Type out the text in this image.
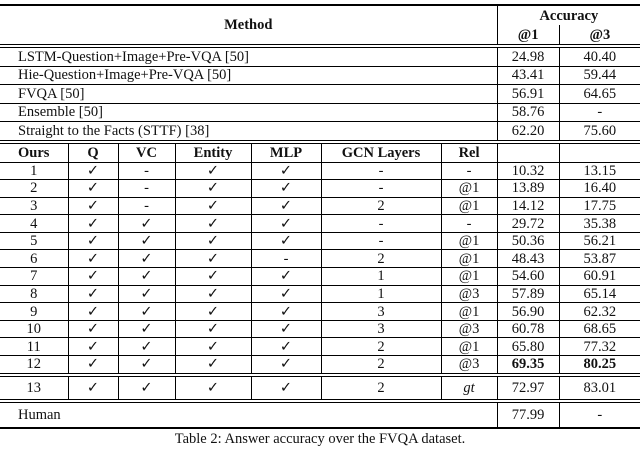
Method							Accuracy	
							@1	@3
LSTM-Question+Image+Pre-VQA [50]							24.98	40.40
Hie-Question+Image+Pre-VQA [50]							43.41	59.44
FVQA [50]							56.91	64.65
Ensemble [50]							58.76	-
Straight to the Facts (STTF) [38]							62.20	75.60
Ours	Q	VC	Entity	MLP	GCN Layers	Rel		
1	✓	-	✓	✓	-	-	10.32	13.15
2	✓	-	✓	✓	-	@1	13.89	16.40
3	✓	-	✓	✓	2	@1	14.12	17.75
4	✓	✓	✓	✓	-	-	29.72	35.38
5	✓	✓	✓	✓	-	@1	50.36	56.21
6	✓	✓	✓	-	2	@1	48.43	53.87
7	✓	✓	✓	✓	1	@1	54.60	60.91
8	✓	✓	✓	✓	1	@3	57.89	65.14
9	✓	✓	✓	✓	3	@1	56.90	62.32
10	✓	✓	✓	✓	3	@3	60.78	68.65
11	✓	✓	✓	✓	2	@1	65.80	77.32
12	✓	✓	✓	✓	2	@3	69.35	80.25
13	✓	✓	✓	✓	2	gt	72.97	83.01
Human							77.99	-
Table 2: Answer accuracy over the FVQA dataset.
